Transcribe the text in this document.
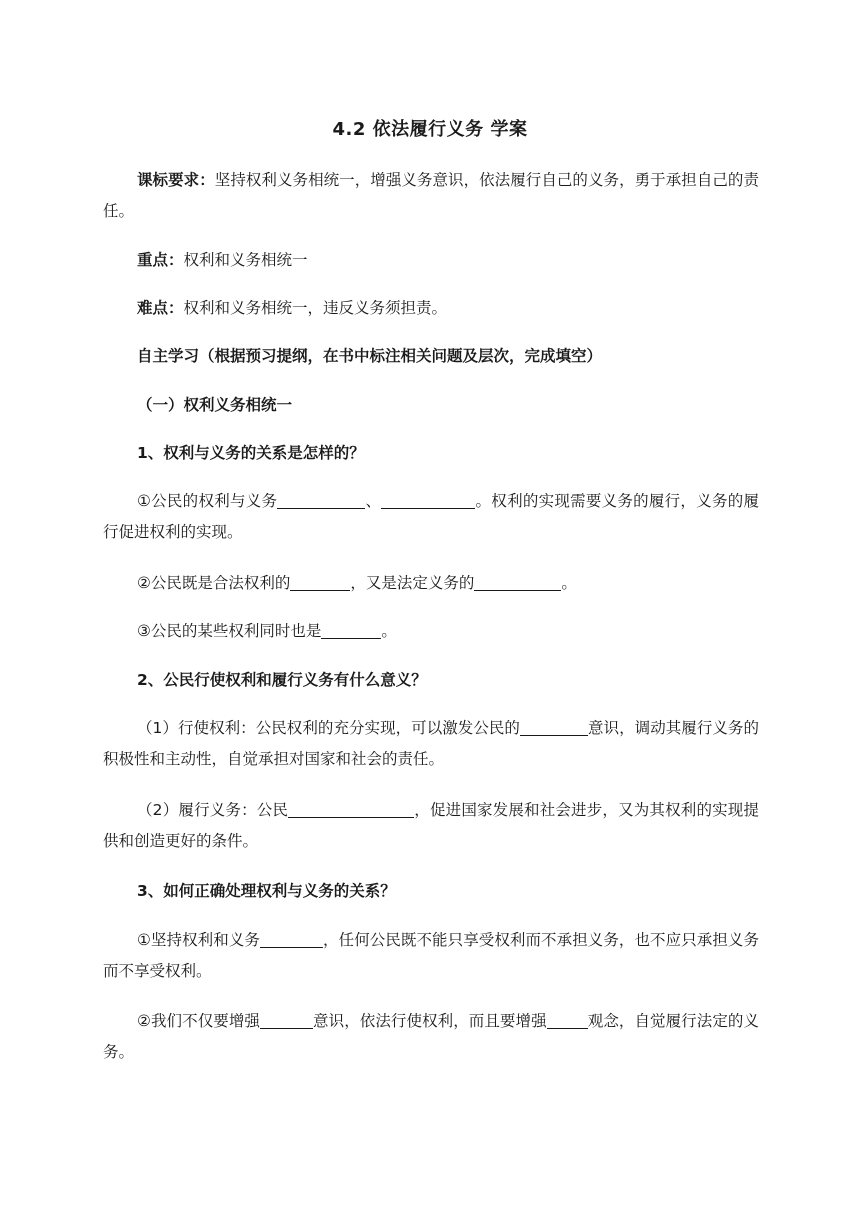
4.2 依法履行义务 学案
课标要求：坚持权利义务相统一，增强义务意识，依法履行自己的义务，勇于承担自己的责任。
重点：权利和义务相统一
难点：权利和义务相统一，违反义务须担责。
自主学习（根据预习提纲，在书中标注相关问题及层次，完成填空）
（一）权利义务相统一
1、权利与义务的关系是怎样的？
①公民的权利与义务	、	。权利的实现需要义务的履行，义务的履行促进权利的实现。
②公民既是合法权利的	，又是法定义务的	。
③公民的某些权利同时也是	。
2、公民行使权利和履行义务有什么意义？
（1）行使权利：公民权利的充分实现，可以激发公民的	意识，调动其履行义务的积极性和主动性，自觉承担对国家和社会的责任。
（2）履行义务：公民	，促进国家发展和社会进步，又为其权利的实现提供和创造更好的条件。
3、如何正确处理权利与义务的关系？
①坚持权利和义务	，任何公民既不能只享受权利而不承担义务，也不应只承担义务而不享受权利。
②我们不仅要增强	意识，依法行使权利，而且要增强	观念，自觉履行法定的义务。
